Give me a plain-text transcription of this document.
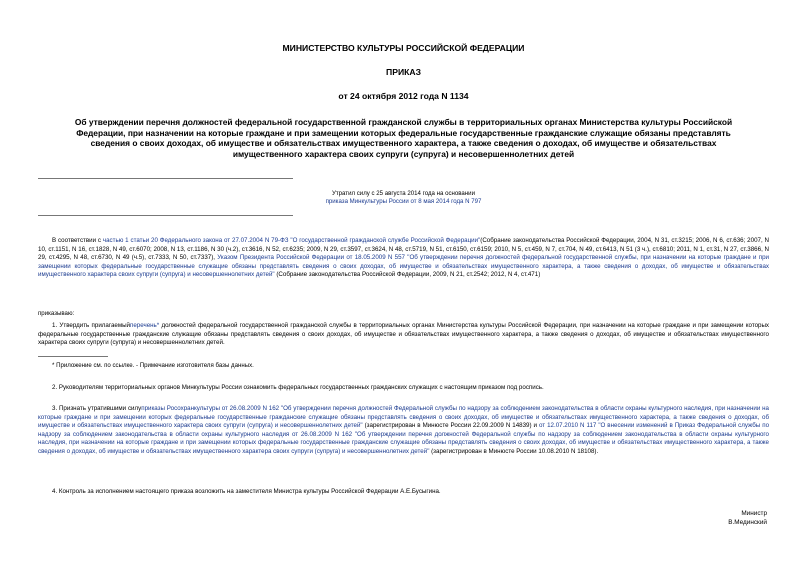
МИНИСТЕРСТВО КУЛЬТУРЫ РОССИЙСКОЙ ФЕДЕРАЦИИ
ПРИКАЗ
от 24 октября 2012 года N 1134
Об утверждении перечня должностей федеральной государственной гражданской службы в территориальных органах Министерства культуры Российской
Федерации, при назначении на которые граждане и при замещении которых федеральные государственные гражданские служащие обязаны представлять
сведения о своих доходах, об имуществе и обязательствах имущественного характера, а также сведения о доходах, об имуществе и обязательствах
имущественного характера своих супруги (супруга) и несовершеннолетних детей
Утратил силу с 25 августа 2014 года на основании
приказа Минкультуры России от 8 мая 2014 года N 797
В соответствии с частью 1 статьи 20 Федерального закона от 27.07.2004 N 79-ФЗ "О государственной гражданской службе Российской Федерации"(Собрание законодательства Российской Федерации, 2004, N 31, ст.3215; 2006, N 6, ст.636; 2007, N 10, ст.1151, N 16, ст.1828, N 49, ст.6070; 2008, N 13, ст.1186, N 30 (ч.2), ст.3616, N 52, ст.6235; 2009, N 29, ст.3597, ст.3624, N 48, ст.5719, N 51, ст.6150, ст.6159; 2010, N 5, ст.459, N 7, ст.704, N 49, ст.6413, N 51 (3 ч.), ст.6810; 2011, N 1, ст.31, N 27, ст.3866, N 29, ст.4295, N 48, ст.6730, N 49 (ч.5), ст.7333, N 50, ст.7337), Указом Президента Российской Федерации от 18.05.2009 N 557 "Об утверждении перечня должностей федеральной государственной службы, при назначении на которые граждане и при замещении которых федеральные государственные служащие обязаны представлять сведения о своих доходах, об имуществе и обязательствах имущественного характера, а также сведения о доходах, об имуществе и обязательствах имущественного характера своих супруги (супруга) и несовершеннолетних детей" (Собрание законодательства Российской Федерации, 2009, N 21, ст.2542; 2012, N 4, ст.471)
приказываю:
1. Утвердить прилагаемыйперечень* должностей федеральной государственной гражданской службы в территориальных органах Министерства культуры Российской Федерации, при назначении на которые граждане и при замещении которых федеральные государственные гражданские служащие обязаны представлять сведения о своих доходах, об имуществе и обязательствах имущественного характера, а также сведения о доходах, об имуществе и обязательствах имущественного характера своих супруги (супруга) и несовершеннолетних детей.
* Приложение см. по ссылке. - Примечание изготовителя базы данных.
2. Руководителям территориальных органов Минкультуры России ознакомить федеральных государственных гражданских служащих с настоящим приказом под роспись.
3. Признать утратившими силуприказы Росохранкультуры от 26.08.2009 N 162 "Об утверждении перечня должностей Федеральной службы по надзору за соблюдением законодательства в области охраны культурного наследия, при назначении на которые граждане и при замещении которых федеральные государственные гражданские служащие обязаны представлять сведения о своих доходах, об имуществе и обязательствах имущественного характера, а также сведения о доходах, об имуществе и обязательствах имущественного характера своих супруги (супруга) и несовершеннолетних детей" (зарегистрирован в Минюсте России 22.09.2009 N 14839) и от 12.07.2010 N 117 "О внесении изменений в Приказ Федеральной службы по надзору за соблюдением законодательства в области охраны культурного наследия от 26.08.2009 N 162 "Об утверждении перечня должностей Федеральной службы по надзору за соблюдением законодательства в области охраны культурного наследия, при назначении на которые граждане и при замещении которых федеральные государственные гражданские служащие обязаны представлять сведения о своих доходах, об имуществе и обязательствах имущественного характера, а также сведения о доходах, об имуществе и обязательствах имущественного характера своих супруги (супруга) и несовершеннолетних детей" (зарегистрирован в Минюсте России 10.08.2010 N 18108).
4. Контроль за исполнением настоящего приказа возложить на заместителя Министра культуры Российской Федерации А.Е.Бусыгина.
Министр
В.Мединский
